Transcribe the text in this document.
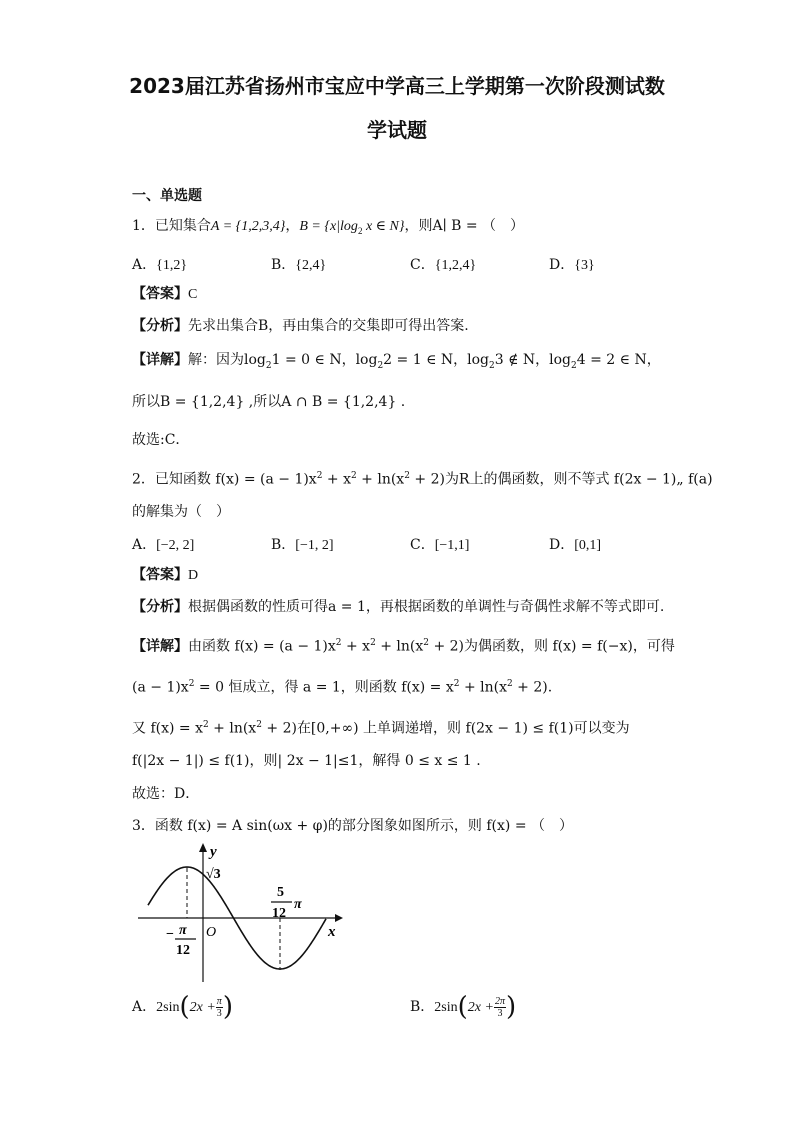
2023届江苏省扬州市宝应中学高三上学期第一次阶段测试数
学试题
一、单选题
1．已知集合A = {1,2,3,4}，$B = \{x|\log_2$ x ∈ N}，则A∣ B = （　）
A．{1,2}	B．{2,4}	C．{1,2,4}	D．{3}
【答案】C
【分析】先求出集合B，再由集合的交集即可得出答案.
【详解】解：因为$\log_21 = 0$ ∈ N，$\log_22 = 1$ ∈ N，$\log_23$ ∉ N，$\log_24 = 2$ ∈ N，
所以B = {1,2,4} ,所以A ∩ B = {1,2,4} .
故选:C．
2．已知函数 $f(x) = (a - 1)x^2 + x^2 + \ln(x^2 + 2)$为R上的偶函数，则不等式 f(2x − 1)„ f(a)
的解集为（　）
A．[−2, 2]	B．[−1, 2]	C．[−1,1]	D．[0,1]
【答案】D
【分析】根据偶函数的性质可得a = 1，再根据函数的单调性与奇偶性求解不等式即可.
【详解】由函数 $f(x) = (a - 1)x^2 + x^2 + \ln(x^2 + 2)$为偶函数，则 f(x) = f(−x)，可得
$(a - 1)x^2 = 0$ 恒成立，得 a = 1，则函数 $f(x) = x^2 + \ln(x^2 + 2)$.
又 $f(x) = x^2 + \ln(x^2 + 2)$在[0,+∞) 上单调递增，则 f(2x − 1) ≤ f(1)可以变为
f(|2x − 1|) ≤ f(1)，则| 2x − 1|≤1，解得 0 ≤ x ≤ 1 .
故选：D．
3．函数 f(x) = A sin(ωx + φ)的部分图象如图所示，则 f(x) = （　）
y
x
O
√3
− π
12
5
12
π
A．$2\sin(2x + \frac{\pi}{3}$ )	B．$2\sin(2x + \frac{2\pi}{3}$ )
